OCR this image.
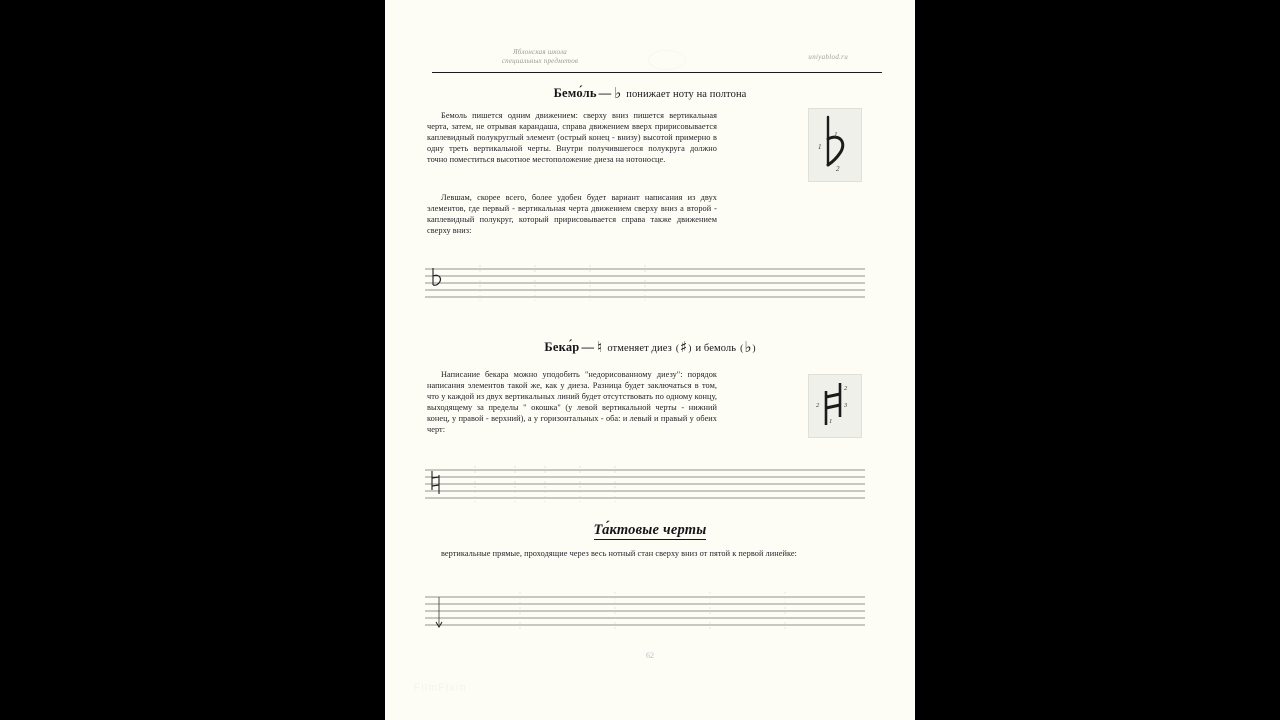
Яблонская школа
специальных предметов	uniyablod.ru
Бемо́ль — ♭ понижает ноту на полтона
Бемоль пишется одним движением: сверху вниз пишется вертикальная черта, затем, не отрывая карандаша, справа движением вверх пририсовывается каплевидный полукруглый элемент (острый конец - внизу) высотой примерно в одну треть вертикальной черты. Внутри получившегося полукруга должно точно поместиться высотное местоположение диеза на нотоносце.
Левшам, скорее всего, более удобен будет вариант написания из двух элементов, где первый - вертикальная черта движением сверху вниз а второй - каплевидный полукруг, который пририсовывается справа также движением сверху вниз:
1
1
2
Бека́р — ♮ отменяет диез (♯) и бемоль (♭)
Написание бекара можно уподобить "недорисованному диезу": порядок написания элементов такой же, как у диеза. Разница будет заключаться в том, что у каждой из двух вертикальных линий будет отсутствовать по одному концу, выходящему за пределы " окошка" (у левой вертикальной черты - нижний конец, у правой - верхний), а у горизонтальных - оба: и левый и правый у обеих черт:
2
3
2
1
Та́ктовые черты
вертикальные прямые, проходящие через весь нотный стан сверху вниз от пятой к первой линейке:
62
FilmFixin
